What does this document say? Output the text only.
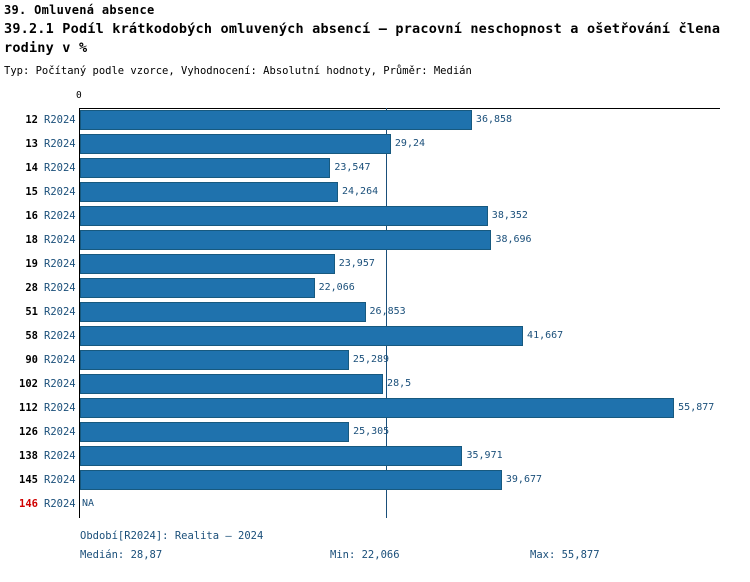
39. Omluvená absence
39.2.1 Podíl krátkodobých omluvených absencí – pracovní neschopnost a ošetřování člena rodiny v %
Typ: Počítaný podle vzorce, Vyhodnocení: Absolutní hodnoty, Průměr: Medián
0
12 R2024	36,858
13 R2024	29,24
14 R2024	23,547
15 R2024	24,264
16 R2024	38,352
18 R2024	38,696
19 R2024	23,957
28 R2024	22,066
51 R2024	26,853
58 R2024	41,667
90 R2024	25,289
102 R2024	28,5
112 R2024	55,877
126 R2024	25,305
138 R2024	35,971
145 R2024	39,677
146 R2024 NA
Období[R2024]: Realita – 2024
Medián: 28,87	Min: 22,066	Max: 55,877
